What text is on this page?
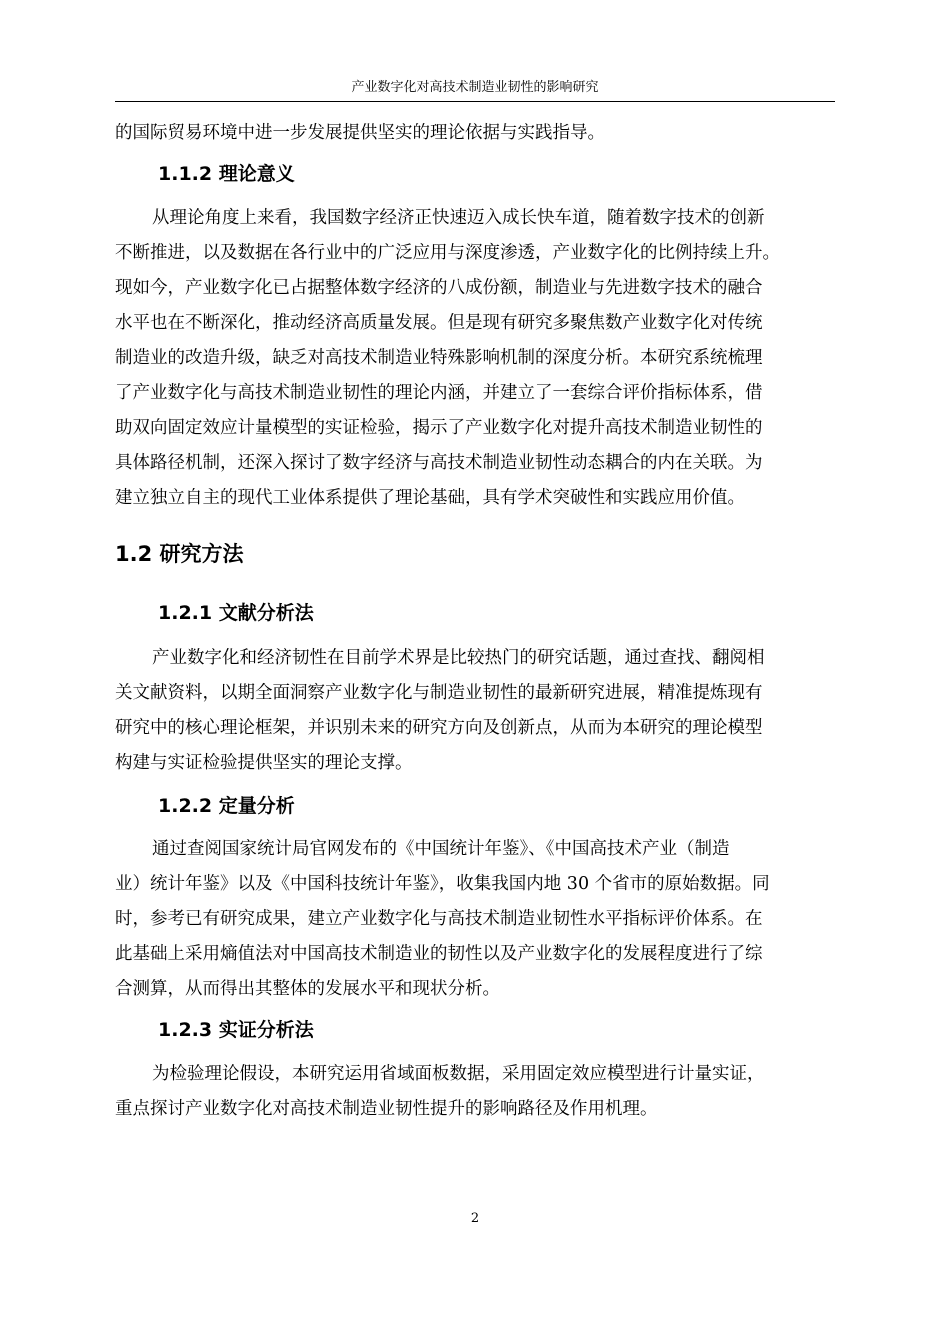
产业数字化对高技术制造业韧性的影响研究
的国际贸易环境中进一步发展提供坚实的理论依据与实践指导。
1.1.2 理论意义
从理论角度上来看，我国数字经济正快速迈入成长快车道，随着数字技术的创新
不断推进，以及数据在各行业中的广泛应用与深度渗透，产业数字化的比例持续上升。
现如今，产业数字化已占据整体数字经济的八成份额，制造业与先进数字技术的融合
水平也在不断深化，推动经济高质量发展。但是现有研究多聚焦数产业数字化对传统
制造业的改造升级，缺乏对高技术制造业特殊影响机制的深度分析。本研究系统梳理
了产业数字化与高技术制造业韧性的理论内涵，并建立了一套综合评价指标体系，借
助双向固定效应计量模型的实证检验，揭示了产业数字化对提升高技术制造业韧性的
具体路径机制，还深入探讨了数字经济与高技术制造业韧性动态耦合的内在关联。为
建立独立自主的现代工业体系提供了理论基础，具有学术突破性和实践应用价值。
1.2 研究方法
1.2.1 文献分析法
产业数字化和经济韧性在目前学术界是比较热门的研究话题，通过查找、翻阅相
关文献资料，以期全面洞察产业数字化与制造业韧性的最新研究进展，精准提炼现有
研究中的核心理论框架，并识别未来的研究方向及创新点，从而为本研究的理论模型
构建与实证检验提供坚实的理论支撑。
1.2.2 定量分析
通过查阅国家统计局官网发布的《中国统计年鉴》、《中国高技术产业（制造
业）统计年鉴》以及《中国科技统计年鉴》，收集我国内地 30 个省市的原始数据。同
时，参考已有研究成果，建立产业数字化与高技术制造业韧性水平指标评价体系。在
此基础上采用熵值法对中国高技术制造业的韧性以及产业数字化的发展程度进行了综
合测算，从而得出其整体的发展水平和现状分析。
1.2.3 实证分析法
为检验理论假设，本研究运用省域面板数据，采用固定效应模型进行计量实证，
重点探讨产业数字化对高技术制造业韧性提升的影响路径及作用机理。
2
